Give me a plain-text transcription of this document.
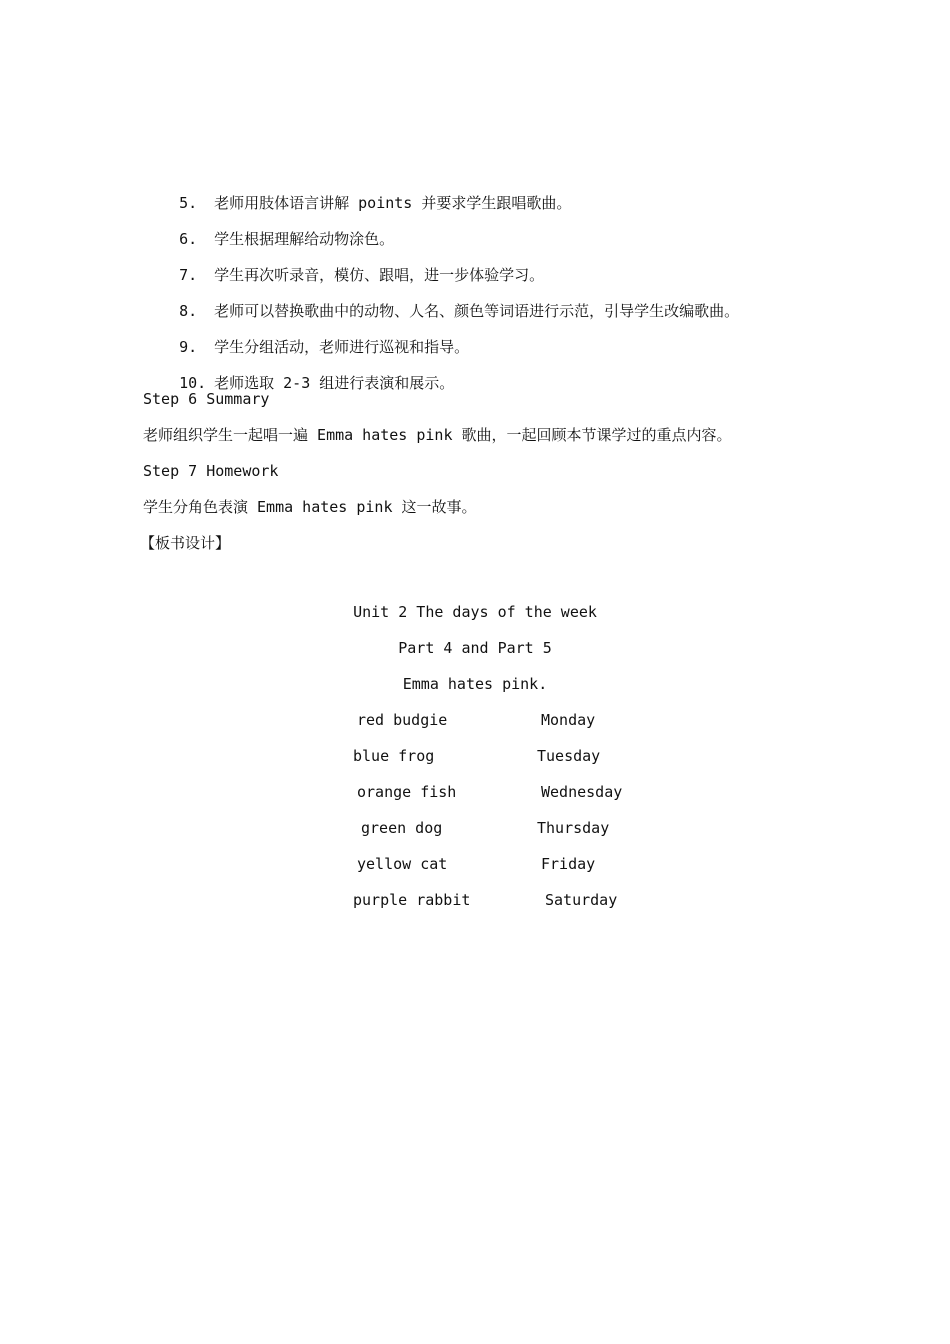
5. 老师用肢体语言讲解 points 并要求学生跟唱歌曲。

6. 学生根据理解给动物涂色。

7. 学生再次听录音，模仿、跟唱，进一步体验学习。

8. 老师可以替换歌曲中的动物、人名、颜色等词语进行示范，引导学生改编歌曲。

9. 学生分组活动，老师进行巡视和指导。

10. 老师选取 2-3 组进行表演和展示。

Step 6 Summary
老师组织学生一起唱一遍 Emma hates pink 歌曲，一起回顾本节课学过的重点内容。
Step 7 Homework
学生分角色表演 Emma hates pink 这一故事。
【板书设计】
Unit 2 The days of the week
Part 4 and Part 5
Emma hates pink.
red budgie	Monday
blue frog	Tuesday
orange fish	Wednesday
green dog	Thursday
yellow cat	Friday
purple rabbit	Saturday
